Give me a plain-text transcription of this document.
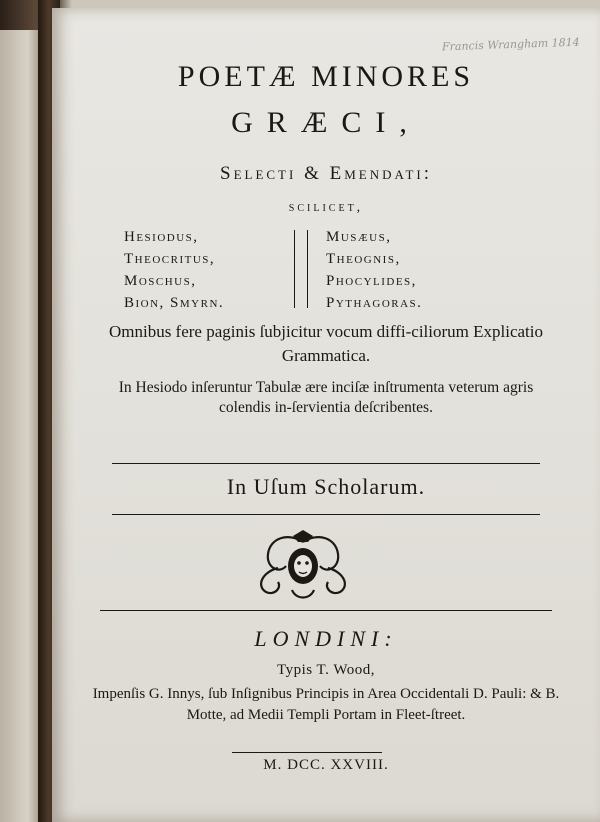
Francis Wrangham 1814
POETÆ MINORES
GRÆCI,
Selecti & Emendati:
scilicet,
Hesiodus,
Theocritus,
Moschus,
Bion, Smyrn.
Musæus,
Theognis,
Phocylides,
Pythagoras.
Omnibus fere paginis ſubjicitur vocum diffi-ciliorum Explicatio Grammatica.
In Hesiodo inſeruntur Tabulæ ære inciſæ inſtrumenta veterum agris colendis in-ſervientia deſcribentes.
In Uſum Scholarum.
LONDINI:
Typis T. Wood,
Impenſis G. Innys, ſub Inſignibus Principis in Area Occidentali D. Pauli: & B. Motte, ad Medii Templi Portam in Fleet-ſtreet.
M. DCC. XXVIII.
